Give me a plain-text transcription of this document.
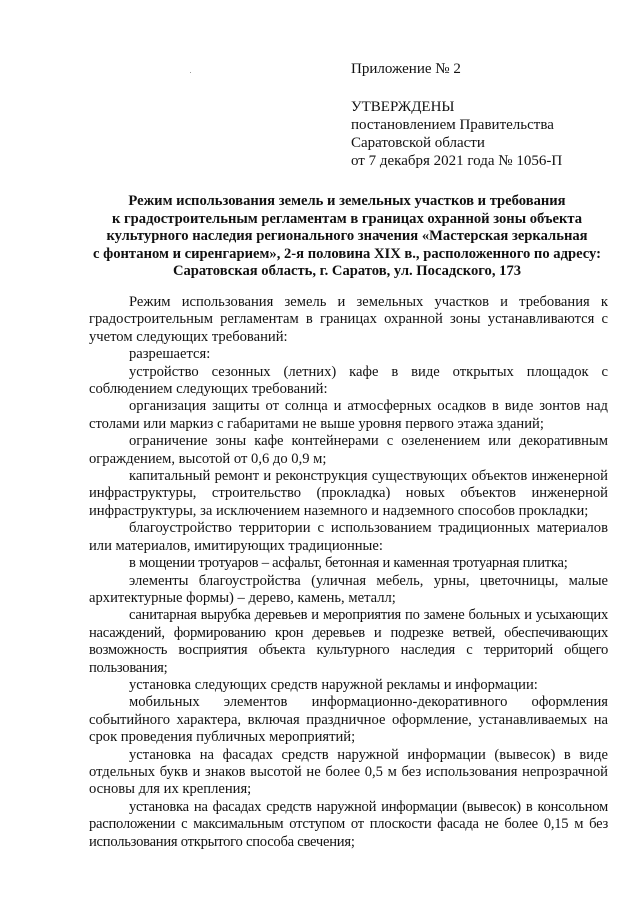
Приложение № 2
УТВЕРЖДЕНЫ
постановлением Правительства
Саратовской области
от 7 декабря 2021 года № 1056-П
Режим использования земель и земельных участков и требования
к градостроительным регламентам в границах охранной зоны объекта
культурного наследия регионального значения «Мастерская зеркальная
с фонтаном и сиренгарием», 2-я половина XIX в., расположенного по адресу:
Саратовская область, г. Саратов, ул. Посадского, 173

Режим использования земель и земельных участков и требования к градостроительным регламентам в границах охранной зоны устанавливаются с учетом следующих требований:

разрешается:

устройство сезонных (летних) кафе в виде открытых площадок с соблюдением следующих требований:

организация защиты от солнца и атмосферных осадков в виде зонтов над столами или маркиз с габаритами не выше уровня первого этажа зданий;

ограничение зоны кафе контейнерами с озеленением или декоративным ограждением, высотой от 0,6 до 0,9 м;

капитальный ремонт и реконструкция существующих объектов инженерной инфраструктуры, строительство (прокладка) новых объектов инженерной инфраструктуры, за исключением наземного и надземного способов прокладки;

благоустройство территории с использованием традиционных материалов или материалов, имитирующих традиционные:

в мощении тротуаров – асфальт, бетонная и каменная тротуарная плитка;

элементы благоустройства (уличная мебель, урны, цветочницы, малые архитектурные формы) – дерево, камень, металл;

санитарная вырубка деревьев и мероприятия по замене больных и усыхающих насаждений, формированию крон деревьев и подрезке ветвей, обеспечивающих возможность восприятия объекта культурного наследия с территорий общего пользования;

установка следующих средств наружной рекламы и информации:

мобильных элементов информационно-декоративного оформления событийного характера, включая праздничное оформление, устанавливаемых на срок проведения публичных мероприятий;

установка на фасадах средств наружной информации (вывесок) в виде отдельных букв и знаков высотой не более 0,5 м без использования непрозрачной основы для их крепления;

установка на фасадах средств наружной информации (вывесок) в консольном расположении с максимальным отступом от плоскости фасада не более 0,15 м без использования открытого способа свечения;
